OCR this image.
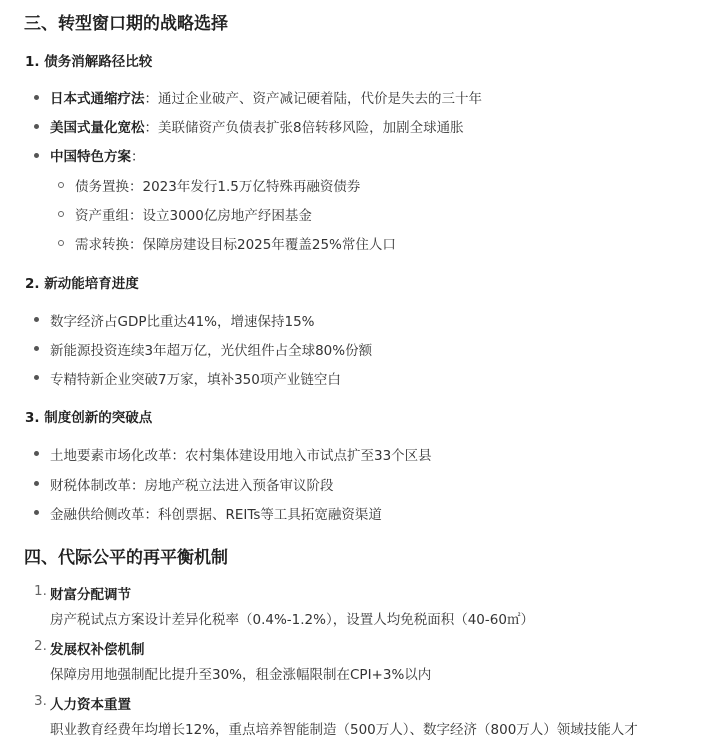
三、转型窗口期的战略选择
1. 债务消解路径比较
日本式通缩疗法：通过企业破产、资产减记硬着陆，代价是失去的三十年
美国式量化宽松：美联储资产负债表扩张8倍转移风险，加剧全球通胀
中国特色方案：
债务置换：2023年发行1.5万亿特殊再融资债券
资产重组：设立3000亿房地产纾困基金
需求转换：保障房建设目标2025年覆盖25%常住人口
2. 新动能培育进度
数字经济占GDP比重达41%，增速保持15%
新能源投资连续3年超万亿，光伏组件占全球80%份额
专精特新企业突破7万家，填补350项产业链空白
3. 制度创新的突破点
土地要素市场化改革：农村集体建设用地入市试点扩至33个区县
财税体制改革：房地产税立法进入预备审议阶段
金融供给侧改革：科创票据、REITs等工具拓宽融资渠道
四、代际公平的再平衡机制
1. 财富分配调节
房产税试点方案设计差异化税率（0.4%-1.2%），设置人均免税面积（40-60㎡）
2. 发展权补偿机制
保障房用地强制配比提升至30%，租金涨幅限制在CPI+3%以内
3. 人力资本重置
职业教育经费年均增长12%，重点培养智能制造（500万人）、数字经济（800万人）领域技能人才
